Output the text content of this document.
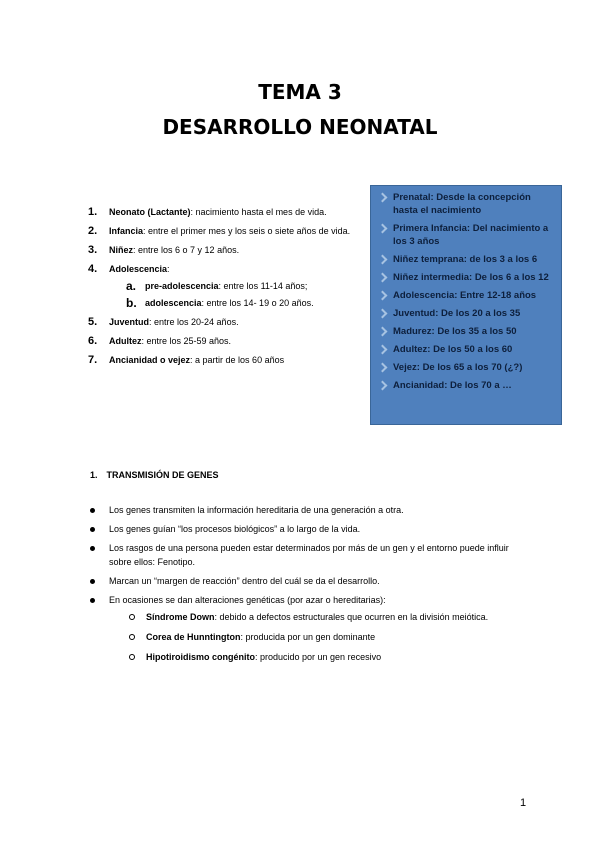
TEMA 3
DESARROLLO NEONATAL
1. Neonato (Lactante): nacimiento hasta el mes de vida.
2. Infancia: entre el primer mes y los seis o siete años de vida.
3. Niñez: entre los 6 o 7 y 12 años.
4. Adolescencia:
a. pre-adolescencia: entre los 11-14 años;
b. adolescencia: entre los 14- 19 o 20 años.
5. Juventud: entre los 20-24 años.
6. Adultez: entre los 25-59 años.
7. Ancianidad o vejez: a partir de los 60 años
Prenatal: Desde la concepción hasta el nacimiento
Primera Infancia: Del nacimiento a los 3 años
Niñez temprana: de los 3 a los 6
Niñez intermedia: De los 6 a los 12
Adolescencia: Entre 12-18 años
Juventud: De los 20 a los 35
Madurez: De los 35 a los 50
Adultez: De los 50 a los 60
Vejez: De los 65 a los 70 (¿?)
Ancianidad: De los 70 a …
1. TRANSMISIÓN DE GENES
Los genes transmiten la información hereditaria de una generación a otra.
Los genes guían “los procesos biológicos” a lo largo de la vida.
Los rasgos de una persona pueden estar determinados por más de un gen y el entorno puede influir sobre ellos: Fenotipo.
Marcan un “margen de reacción” dentro del cuál se da el desarrollo.
En ocasiones se dan alteraciones genéticas (por azar o hereditarias):
Síndrome Down: debido a defectos estructurales que ocurren en la división meiótica.
Corea de Hunntington: producida por un gen dominante
Hipotiroidismo congénito: producido por un gen recesivo
1
